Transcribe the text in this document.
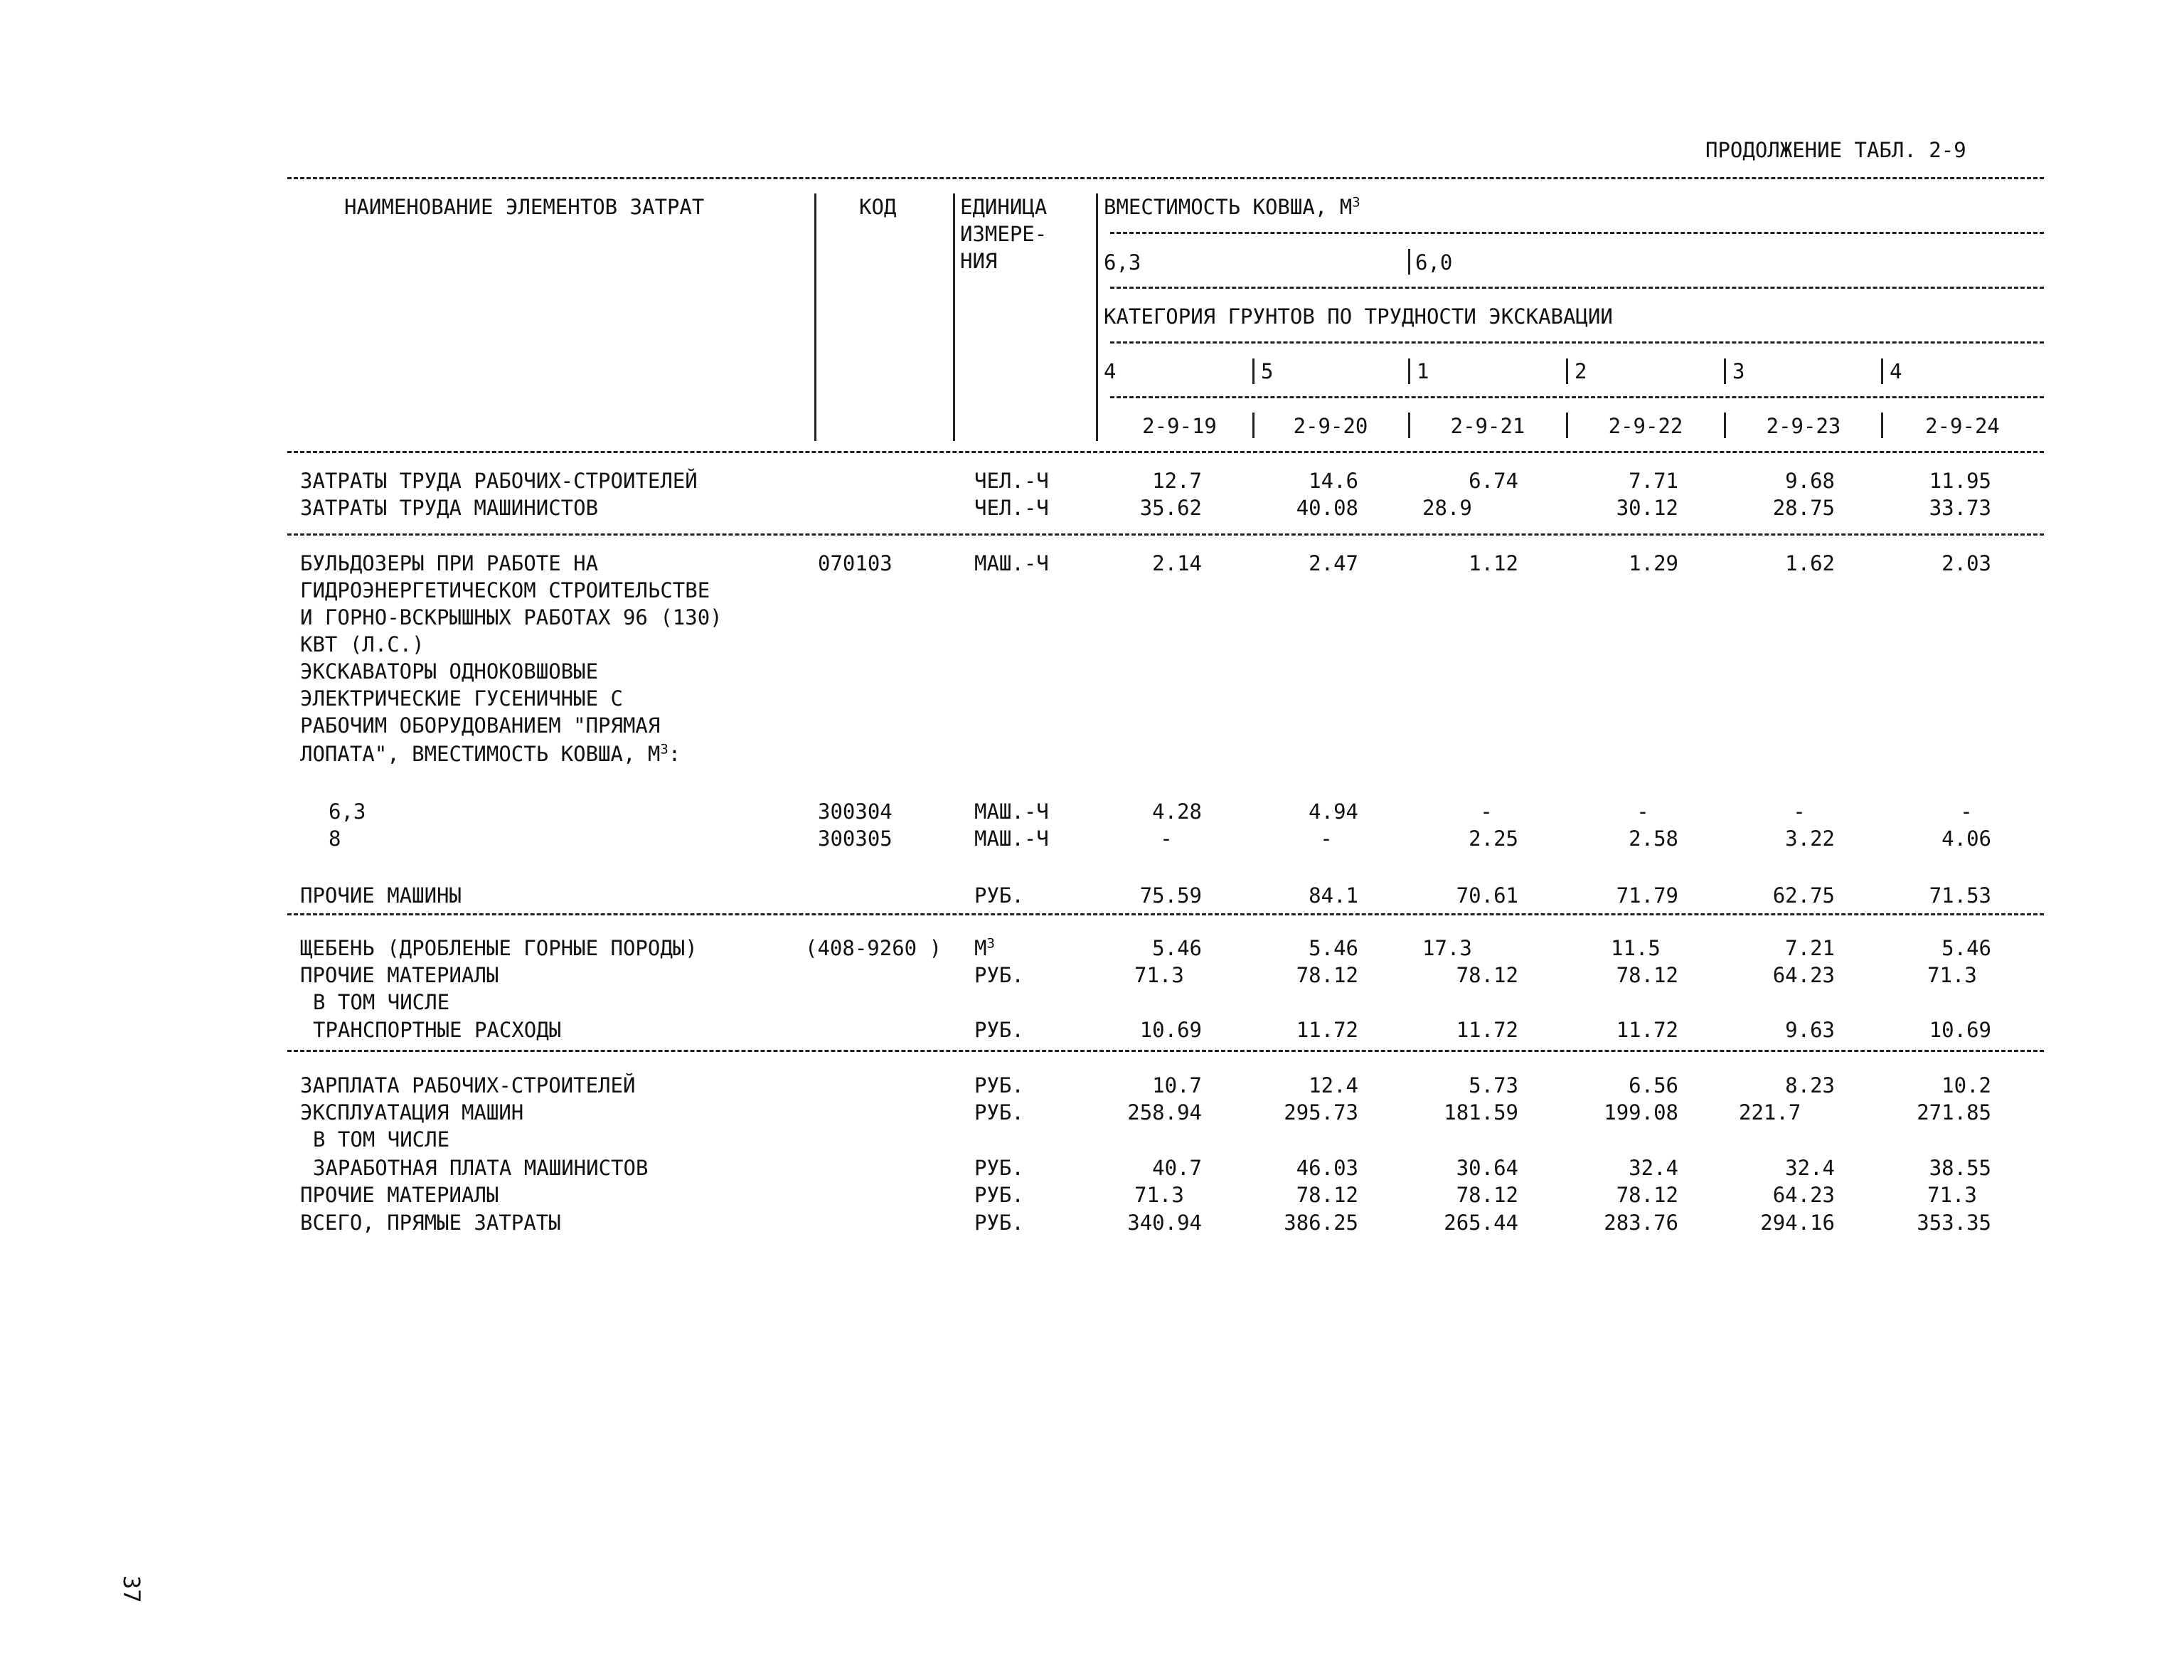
ПРОДОЛЖЕНИЕ ТАБЛ. 2-9
НАИМЕНОВАНИЕ ЭЛЕМЕНТОВ ЗАТРАТ	КОД	ЕДИНИЦА
ИЗМЕРЕ-
НИЯ
ВМЕСТИМОСТЬ КОВША, $М^3$
6,3	6,0
КАТЕГОРИЯ ГРУНТОВ ПО ТРУДНОСТИ ЭКСКАВАЦИИ
4	5	1	2	3	4
2-9-19	2-9-20	2-9-21	2-9-22	2-9-23	2-9-24
ЗАТРАТЫ ТРУДА РАБОЧИХ-СТРОИТЕЛЕЙ	ЧЕЛ.-Ч	12.7	14.6	6.74	7.71	9.68	11.95
ЗАТРАТЫ ТРУДА МАШИНИСТОВ	ЧЕЛ.-Ч	35.62	40.08	28.9	30.12	28.75	33.73
БУЛЬДОЗЕРЫ ПРИ РАБОТЕ НА
ГИДРОЭНЕРГЕТИЧЕСКОМ СТРОИТЕЛЬСТВЕ
И ГОРНО-ВСКРЫШНЫХ РАБОТАХ 96 (130)
КВТ (Л.С.)
070103	МАШ.-Ч	2.14	2.47	1.12	1.29	1.62	2.03
ЭКСКАВАТОРЫ ОДНОКОВШОВЫЕ
ЭЛЕКТРИЧЕСКИЕ ГУСЕНИЧНЫЕ С
РАБОЧИМ ОБОРУДОВАНИЕМ "ПРЯМАЯ
ЛОПАТА", ВМЕСТИМОСТЬ КОВША, $М^3$:
6,3	300304	МАШ.-Ч	4.28	4.94	-	-	-	-
8	300305	МАШ.-Ч	-	-	2.25	2.58	3.22	4.06
ПРОЧИЕ МАШИНЫ	РУБ.	75.59	84.1	70.61	71.79	62.75	71.53
ЩЕБЕНЬ (ДРОБЛЕНЫЕ ГОРНЫЕ ПОРОДЫ)	(408-9260 ) $М^3$	5.46	5.46	17.3	11.5	7.21	5.46
ПРОЧИЕ МАТЕРИАЛЫ	РУБ.	71.3	78.12	78.12	78.12	64.23	71.3
В ТОМ ЧИСЛЕ
ТРАНСПОРТНЫЕ РАСХОДЫ	РУБ.	10.69	11.72	11.72	11.72	9.63	10.69
ЗАРПЛАТА РАБОЧИХ-СТРОИТЕЛЕЙ	РУБ.	10.7	12.4	5.73	6.56	8.23	10.2
ЭКСПЛУАТАЦИЯ МАШИН	РУБ.	258.94	295.73	181.59	199.08	221.7	271.85
В ТОМ ЧИСЛЕ
ЗАРАБОТНАЯ ПЛАТА МАШИНИСТОВ	РУБ.	40.7	46.03	30.64	32.4	32.4	38.55
ПРОЧИЕ МАТЕРИАЛЫ	РУБ.	71.3	78.12	78.12	78.12	64.23	71.3
ВСЕГО, ПРЯМЫЕ ЗАТРАТЫ	РУБ.	340.94	386.25	265.44	283.76	294.16	353.35
37
